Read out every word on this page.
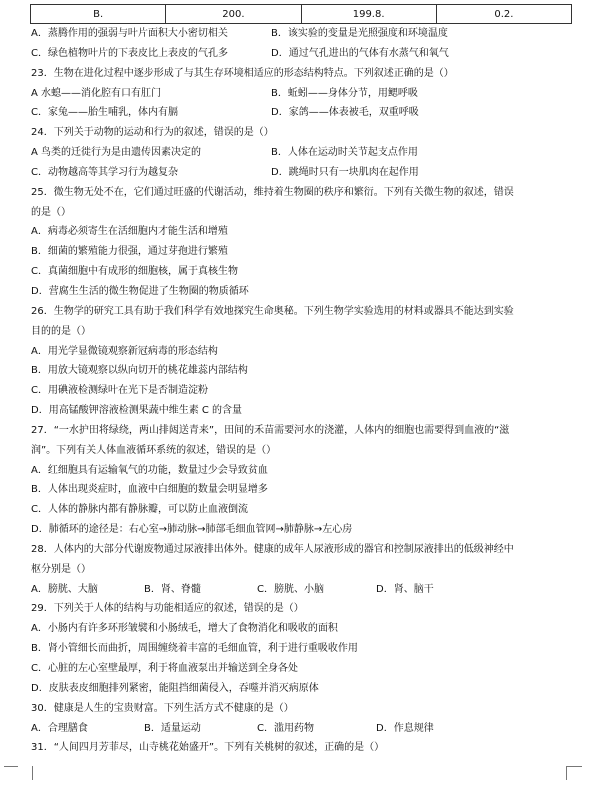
B.	200.	199.8.	0.2.
A．蒸腾作用的强弱与叶片面积大小密切相关	B．该实验的变量是光照强度和环境温度
C．绿色植物叶片的下表皮比上表皮的气孔多	D．通过气孔进出的气体有水蒸气和氧气
23．生物在进化过程中逐步形成了与其生存环境相适应的形态结构特点。下列叙述正确的是（）
A 水螅——消化腔有口有肛门	B．蚯蚓——身体分节，用鳃呼吸
C．家兔——胎生哺乳，体内有膈	D．家鸽——体表被毛，双重呼吸
24．下列关于动物的运动和行为的叙述，错误的是（）
A 鸟类的迁徙行为是由遗传因素决定的	B．人体在运动时关节起支点作用
C．动物越高等其学习行为越复杂	D．跳绳时只有一块肌肉在起作用
25．微生物无处不在，它们通过旺盛的代谢活动，维持着生物圈的秩序和繁衍。下列有关微生物的叙述，错误
的是（）
A．病毒必须寄生在活细胞内才能生活和增殖
B．细菌的繁殖能力很强，通过芽孢进行繁殖
C．真菌细胞中有成形的细胞核，属于真核生物
D．营腐生生活的微生物促进了生物圈的物质循环
26．生物学的研究工具有助于我们科学有效地探究生命奥秘。下列生物学实验选用的材料或器具不能达到实验
目的的是（）
A．用光学显微镜观察新冠病毒的形态结构
B．用放大镜观察以纵向切开的桃花雄蕊内部结构
C．用碘液检测绿叶在光下是否制造淀粉
D．用高锰酸钾溶液检测果蔬中维生素 C 的含量
27．“一水护田将绿绕，两山排闼送青来”，田间的禾苗需要河水的浇灌，人体内的细胞也需要得到血液的“滋
润”。下列有关人体血液循环系统的叙述，错误的是（）
A．红细胞具有运输氧气的功能，数量过少会导致贫血
B．人体出现炎症时，血液中白细胞的数量会明显增多
C．人体的静脉内都有静脉瓣，可以防止血液倒流
D．肺循环的途径是：右心室→肺动脉→肺部毛细血管网→肺静脉→左心房
28．人体内的大部分代谢废物通过尿液排出体外。健康的成年人尿液形成的器官和控制尿液排出的低级神经中
枢分别是（）
A．膀胱、大脑	B．肾、脊髓	C．膀胱、小脑	D．肾、脑干
29．下列关于人体的结构与功能相适应的叙述，错误的是（）
A．小肠内有许多环形皱襞和小肠绒毛，增大了食物消化和吸收的面积
B．肾小管细长而曲折，周围缠绕着丰富的毛细血管，利于进行重吸收作用
C．心脏的左心室壁最厚，利于将血液泵出并输送到全身各处
D．皮肤表皮细胞排列紧密，能阻挡细菌侵入，吞噬并消灭病原体
30．健康是人生的宝贵财富。下列生活方式不健康的是（）
A．合理膳食	B．适量运动	C．滥用药物	D．作息规律
31．“人间四月芳菲尽，山寺桃花始盛开”。下列有关桃树的叙述，正确的是（）
